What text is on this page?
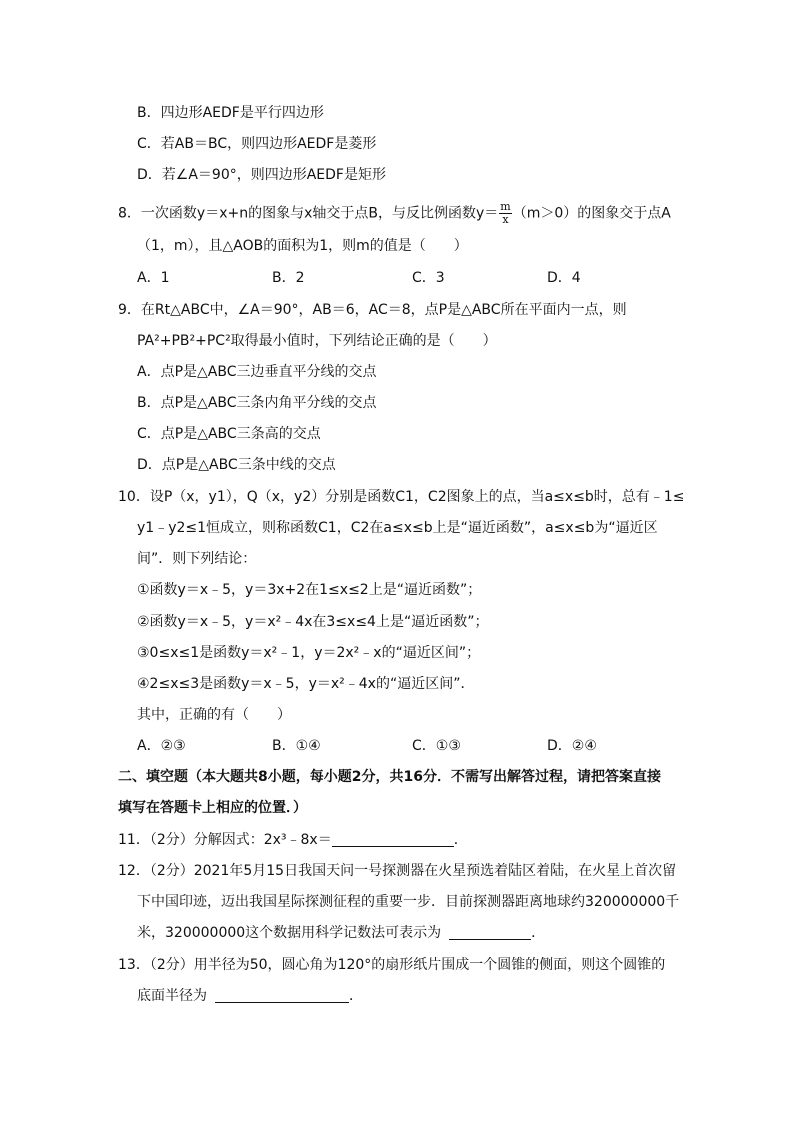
B．四边形AEDF是平行四边形
C．若AB＝BC，则四边形AEDF是菱形
D．若∠A＝90°，则四边形AEDF是矩形
8．一次函数y＝x+n的图象与x轴交于点B，与反比例函数$y= \frac{m}{x} (m>0)$的图象交于点A
（1，m），且△AOB的面积为1，则m的值是（　　）
A．1	B．2	C．3	D．4
9．在Rt△ABC中，∠A＝90°，AB＝6，AC＝8，点P是△ABC所在平面内一点，则
PA²+PB²+PC²取得最小值时，下列结论正确的是（　　）
A．点P是△ABC三边垂直平分线的交点
B．点P是△ABC三条内角平分线的交点
C．点P是△ABC三条高的交点
D．点P是△ABC三条中线的交点
10．设P（x，y1），Q（x，y2）分别是函数C1，C2图象上的点，当a≤x≤b时，总有﹣1≤
y1﹣y2≤1恒成立，则称函数C1，C2在a≤x≤b上是“逼近函数”，a≤x≤b为“逼近区
间”．则下列结论：
①函数y＝x﹣5，y＝3x+2在1≤x≤2上是“逼近函数”；
②函数y＝x﹣5，y＝x²﹣4x在3≤x≤4上是“逼近函数”；
③0≤x≤1是函数y＝x²﹣1，y＝2x²﹣x的“逼近区间”；
④2≤x≤3是函数y＝x﹣5，y＝x²﹣4x的“逼近区间”．
其中，正确的有（　　）
A．②③	B．①④	C．①③	D．②④
二、填空题（本大题共8小题，每小题2分，共16分．不需写出解答过程，请把答案直接
填写在答题卡上相应的位置．）
11．（2分）分解因式：2x³﹣8x＝	．
12．（2分）2021年5月15日我国天问一号探测器在火星预选着陆区着陆，在火星上首次留
下中国印迹，迈出我国星际探测征程的重要一步．目前探测器距离地球约320000000千
米，320000000这个数据用科学记数法可表示为	．
13．（2分）用半径为50，圆心角为120°的扇形纸片围成一个圆锥的侧面，则这个圆锥的
底面半径为	．
